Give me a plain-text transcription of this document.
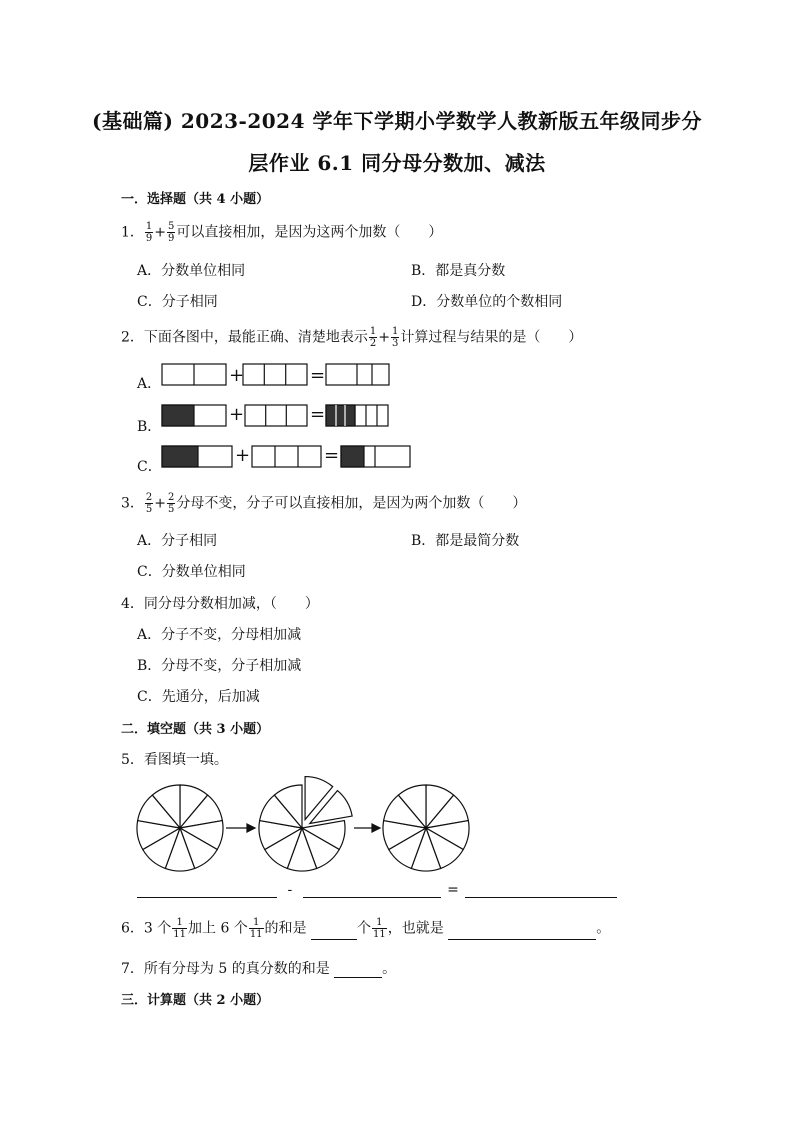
(基础篇) 2023-2024 学年下学期小学数学人教新版五年级同步分
层作业 6.1 同分母分数加、减法
一．选择题（共 4 小题）
1． $\frac{1}{9} + \frac{5}{9}$ 可以直接相加，是因为这两个加数（　　）
A．分数单位相同	B．都是真分数
C．分子相同	D．分数单位的个数相同
2．下面各图中，最能正确、清楚地表示 $\frac{1}{2} + \frac{1}{3}$ 计算过程与结果的是（　　）
A．
B．
C．
+	=
+	=
+	=
3． $\frac{2}{5} + \frac{2}{5}$ 分母不变，分子可以直接相加，是因为两个加数（　　）
A．分子相同	B．都是最简分数
C．分数单位相同
4．同分母分数相加减，（　　）
A．分子不变，分母相加减
B．分母不变，分子相加减
C．先通分，后加减
二．填空题（共 3 小题）
5．看图填一填。
-	=
6．3 个 $\frac{1}{11}$ 加上 6 个 $\frac{1}{11}$ 的和是	个 $\frac{1}{11}$ ，也就是	。
7．所有分母为 5 的真分数的和是	。
三．计算题（共 2 小题）
